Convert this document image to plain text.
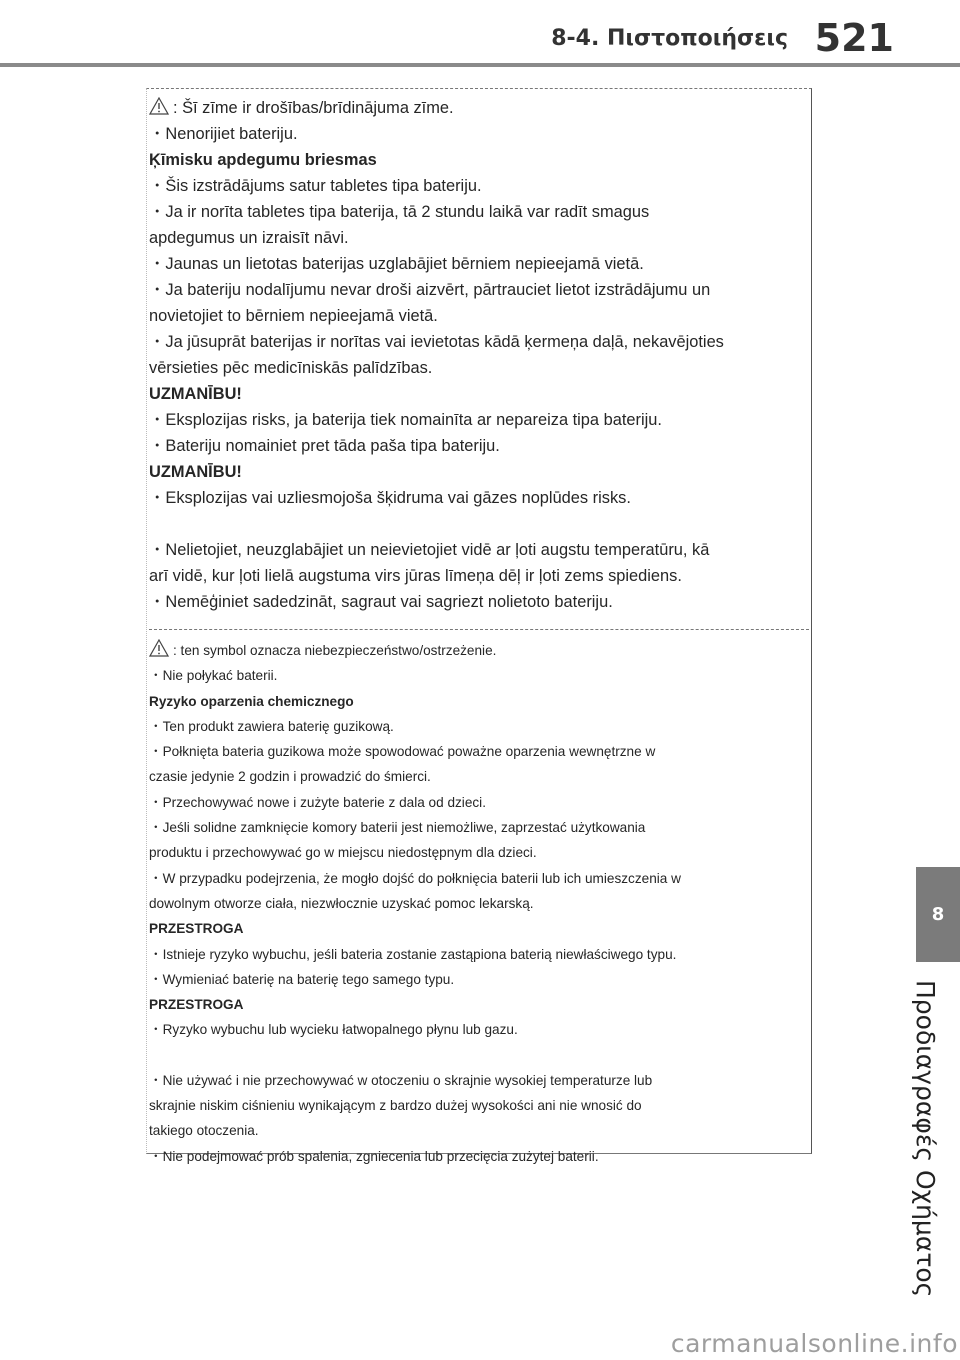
8-4. Πιστοποιήσεις 521
8
Προδιαγραφές Οχήματος

: Šī zīme ir drošības/brīdinājuma zīme.

・Nenorijiet bateriju.

Ķīmisku apdegumu briesmas

・Šis izstrādājums satur tabletes tipa bateriju.

・Ja ir norīta tabletes tipa baterija, tā 2 stundu laikā var radīt smagus

apdegumus un izraisīt nāvi.

・Jaunas un lietotas baterijas uzglabājiet bērniem nepieejamā vietā.

・Ja bateriju nodalījumu nevar droši aizvērt, pārtrauciet lietot izstrādājumu un

novietojiet to bērniem nepieejamā vietā.

・Ja jūsuprāt baterijas ir norītas vai ievietotas kādā ķermeņa daļā, nekavējoties

vērsieties pēc medicīniskās palīdzības.

UZMANĪBU!

・Eksplozijas risks, ja baterija tiek nomainīta ar nepareiza tipa bateriju.

・Bateriju nomainiet pret tāda paša tipa bateriju.

UZMANĪBU!

・Eksplozijas vai uzliesmojoša šķidruma vai gāzes noplūdes risks.

・Nelietojiet, neuzglabājiet un neievietojiet vidē ar ļoti augstu temperatūru, kā

arī vidē, kur ļoti lielā augstuma virs jūras līmeņa dēļ ir ļoti zems spiediens.

・Nemēģiniet sadedzināt, sagraut vai sagriezt nolietoto bateriju.

: ten symbol oznacza niebezpieczeństwo/ostrzeżenie.

・Nie połykać baterii.

Ryzyko oparzenia chemicznego

・Ten produkt zawiera baterię guzikową.

・Połknięta bateria guzikowa może spowodować poważne oparzenia wewnętrzne w

czasie jedynie 2 godzin i prowadzić do śmierci.

・Przechowywać nowe i zużyte baterie z dala od dzieci.

・Jeśli solidne zamknięcie komory baterii jest niemożliwe, zaprzestać użytkowania

produktu i przechowywać go w miejscu niedostępnym dla dzieci.

・W przypadku podejrzenia, że mogło dojść do połknięcia baterii lub ich umieszczenia w

dowolnym otworze ciała, niezwłocznie uzyskać pomoc lekarską.

PRZESTROGA

・Istnieje ryzyko wybuchu, jeśli bateria zostanie zastąpiona baterią niewłaściwego typu.

・Wymieniać baterię na baterię tego samego typu.

PRZESTROGA

・Ryzyko wybuchu lub wycieku łatwopalnego płynu lub gazu.

・Nie używać i nie przechowywać w otoczeniu o skrajnie wysokiej temperaturze lub

skrajnie niskim ciśnieniu wynikającym z bardzo dużej wysokości ani nie wnosić do

takiego otoczenia.

・Nie podejmować prób spalenia, zgniecenia lub przecięcia zużytej baterii.

carmanualsonline.info
